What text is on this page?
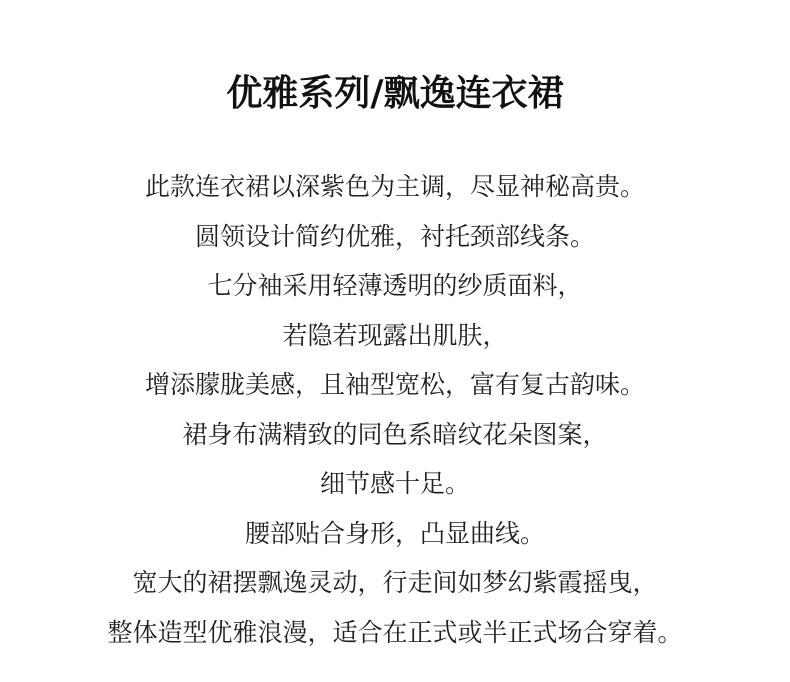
优雅系列/飘逸连衣裙
此款连衣裙以深紫色为主调，尽显神秘高贵。
圆领设计简约优雅，衬托颈部线条。
七分袖采用轻薄透明的纱质面料，
若隐若现露出肌肤，
增添朦胧美感，且袖型宽松，富有复古韵味。
裙身布满精致的同色系暗纹花朵图案，
细节感十足。
腰部贴合身形，凸显曲线。
宽大的裙摆飘逸灵动，行走间如梦幻紫霞摇曳，
整体造型优雅浪漫，适合在正式或半正式场合穿着。
